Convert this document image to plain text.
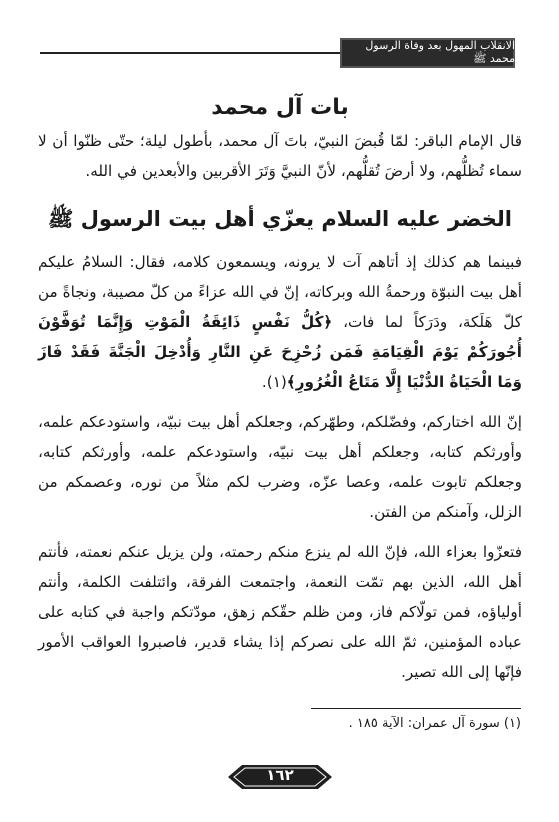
الانقلاب المهول بعد وفاة الرسول محمد ﷺ
بات آل محمد

قال الإمام الباقر: لمّا قُبضَ النبيّ، باتَ آل محمد، بأطول ليلة؛ حتّى ظنّوا أن لا سماء تُظلُّهم، ولا أرضَ تُقلُّهم، لأنّ النبيَّ وَتَرَ الأقربين والأبعدين في الله.

الخضر عليه السلام يعزّي أهل بيت الرسول ﷺ

فبينما هم كذلك إذ أتاهم آت لا يرونه، ويسمعون كلامه، فقال: السلامُ عليكم أهل بيت النبوّة ورحمةُ الله وبركاته، إنّ في الله عزاءً من كلّ مصيبة، ونجاةً من كلّ هَلَكة، ودَرَكاً لما فات، ﴿كُلُّ نَفْسٍ ذَائِقَةُ الْمَوْتِ وَإِنَّمَا تُوَفَّوْنَ أُجُورَكُمْ يَوْمَ الْقِيَامَةِ فَمَن زُحْزِحَ عَنِ النَّارِ وَأُدْخِلَ الْجَنَّةَ فَقَدْ فَازَ وَمَا الْحَيَاةُ الدُّنْيَا إِلَّا مَتَاعُ الْغُرُورِ﴾(١).

إنّ الله اختاركم، وفضّلكم، وطهّركم، وجعلكم أهل بيت نبيّه، واستودعكم علمه، وأورثكم كتابه، وجعلكم أهل بيت نبيّه، واستودعكم علمه، وأورثكم كتابه، وجعلكم تابوت علمه، وعصا عزّه، وضرب لكم مثلاً من نوره، وعصمكم من الزلل، وآمنكم من الفتن.

فتعزّوا بعزاء الله، فإنّ الله لم ينزع منكم رحمته، ولن يزيل عنكم نعمته، فأنتم أهل الله، الذين بهم تمّت النعمة، واجتمعت الفرقة، وائتلفت الكلمة، وأنتم أولياؤه، فمن تولّاكم فاز، ومن ظلم حقّكم زهق، مودّتكم واجبة في كتابه على عباده المؤمنين، ثمّ الله على نصركم إذا يشاء قدير، فاصبروا العواقب الأمور فإنّها إلى الله تصير.

(١) سورة آل عمران: الآية ١٨٥ .
١٦٢
